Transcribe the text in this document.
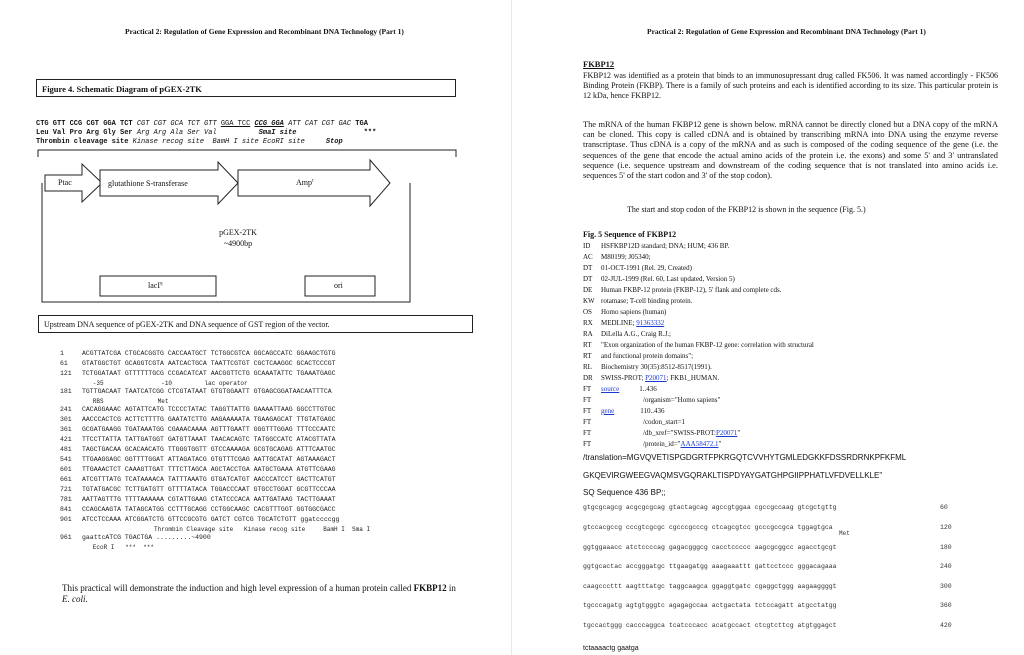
Practical 2: Regulation of Gene Expression and Recombinant DNA Technology (Part 1)
Figure 4. Schematic Diagram of pGEX-2TK
CTG GTT CCG CGT GGA TCT CGT CGT GCA TCT GTT GGA TCC CCG GGA ATT CAT CGT GAC TGA
Leu Val Pro Arg Gly Ser Arg Arg Ala Ser Val	SmaI site	***
Thrombin cleavage site Kinase recog site BamH I site EcoRI site	Stop
Ptac	glutathione S-transferase	Amp$^r$
pGEX-2TK
~4900bp
lacI$^q$	ori
Upstream DNA sequence of pGEX-2TK and DNA sequence of GST region of the vector.
1	ACGTTATCGA CTGCACGGTG CACCAATGCT TCTGGCGTCA GGCAGCCATC GGAAGCTGTG
61 GTATGGCTGT GCAGGTCGTA AATCACTGCA TAATTCGTGT CGCTCAAGGC GCACTCCCGT
121 TCTGGATAAT GTTTTTTGCG CCGACATCAT AACGGTTCTG GCAAATATTC TGAAATGAGC
-35                -10         lac operator
181 TGTTGACAAT TAATCATCGG CTCGTATAAT GTGTGGAATT GTGAGCGGATAACAATTTCA
RBS               Met
241 CACAGGAAAC AGTATTCATG TCCCCTATAC TAGGTTATTG GAAAATTAAG GGCCTTGTGC
301 AACCCACTCG ACTTCTTTTG GAATATCTTG AAGAAAAATA TGAAGAGCAT TTGTATGAGC
361 GCGATGAAGG TGATAAATGG CGAAACAAAA AGTTTGAATT GGGTTTGGAG TTTCCCAATC
421 TTCCTTATTA TATTGATGGT GATGTTAAAT TAACACAGTC TATGGCCATC ATACGTTATA
481 TAGCTGACAA GCACAACATG TTGGGTGGTT GTCCAAAAGA GCGTGCAGAG ATTTCAATGC
541 TTGAAGGAGC GGTTTTGGAT ATTAGATACG GTGTTTCGAG AATTGCATAT AGTAAAGACT
601 TTGAAACTCT CAAAGTTGAT TTTCTTAGCA AGCTACCTGA AATGCTGAAA ATGTTCGAAG
661 ATCGTTTATG TCATAAAACA TATTTAAATG GTGATCATGT AACCCATCCT GACTTCATGT
721 TGTATGACGC TCTTGATGTT GTTTTATACA TGGACCCAAT GTGCCTGGAT GCGTTCCCAA
781 AATTAGTTTG TTTTAAAAAA CGTATTGAAG CTATCCCACA AATTGATAAG TACTTGAAAT
841 CCAGCAAGTA TATAGCATGG CCTTTGCAGG CCTGGCAAGC CACGTTTGGT GGTGGCGACC
901 ATCCTCCAAA ATCGGATCTG GTTCCGCGTG GATCT CGTCG TGCATCTGTT ggatccccgg
Thrombin Cleavage site   Kinase recog site     BamH I  Sma I
961 gaattcATCG TGACTGA .........~4900
EcoR I   ***  ***
This practical will demonstrate the induction and high level expression of a human protein called FKBP12 in E. coli.
Practical 2: Regulation of Gene Expression and Recombinant DNA Technology (Part 1)
FKBP12
FKBP12 was identified as a protein that binds to an immunosupressant drug called FK506. It was named accordingly - FK506 Binding Protein (FKBP). There is a family of such proteins and each is identified according to its size. This particular protein is 12 kDa, hence FKBP12.
The mRNA of the human FKBP12 gene is shown below. mRNA cannot be directly cloned but a DNA copy of the mRNA can be cloned. This copy is called cDNA and is obtained by transcribing mRNA into DNA using the enzyme reverse transcriptase. Thus cDNA is a copy of the mRNA and as such is composed of the coding sequence of the gene (i.e. the sequences of the gene that encode the actual amino acids of the protein i.e. the exons) and some 5' and 3' untranslated sequence (i.e. sequence upstream and downstream of the coding sequence that is not translated into amino acids i.e. sequences 5' of the start codon and 3' of the stop codon).
The start and stop codon of the FKBP12 is shown in the sequence (Fig. 5.)
Fig. 5 Sequence of FKBP12
ID HSFKBP12D standard; DNA; HUM; 436 BP.
AC M80199; J05340;
DT 01-OCT-1991 (Rel. 29, Created)
DT 02-JUL-1999 (Rel. 60, Last updated, Version 5)
DE Human FKBP-12 protein (FKBP-12), 5' flank and complete cds.
KW rotamase; T-cell binding protein.
OS Homo sapiens (human)
RX MEDLINE; 91363332
RA DiLella A.G., Craig R.J.;
RT "Exon organization of the human FKBP-12 gene: correlation with structural
RT and functional protein domains";
RL Biochemistry 30(35):8512-8517(1991).
DR SWISS-PROT; P20071; FKB1_HUMAN.
FT source	1..436
FT	/organism="Homo sapiens"
FT gene	110..436
FT	/codon_start=1
FT	/db_xref="SWISS-PROT:P20071"
FT	/protein_id="AAA58472.1"
/translation=MGVQVETISPGDGRTFPKRGQTCVVHYTGMLEDGKKFDSSRDRNKPFKFML
GKQEVIRGWEEGVAQMSVGQRAKLTISPDYAYGATGHPGIIPPHATLVFDVELLKLE"
SQ Sequence 436 BP;;
gtgcgcagcg acgcgcgcag gtactagcag agccgtggaa cgccgccaag gtcgctgttg	60
gtccacgccg cccgtcgcgc cgcccgcccg ctcagcgtcc gcccgccgca tggagtgca	120
ggtggaaacc atctccccag gagacgggcg cacctccccc aagcgcggcc agacctgcgt	180
ggtgcactac accgggatgc ttgaagatgg aaagaaattt gattcctccc gggacagaaa	240
caagcccttt aagtttatgc taggcaagca ggaggtgatc cgaggctggg aagaaggggt	300
tgcccagatg agtgtgggtc agagagccaa actgactata tctccagatt atgcctatgg	360
tgccactggg cacccaggca tcatcccacc acatgccact ctcgtcttcg atgtggagct	420
Met
tctaaaactg gaatga
